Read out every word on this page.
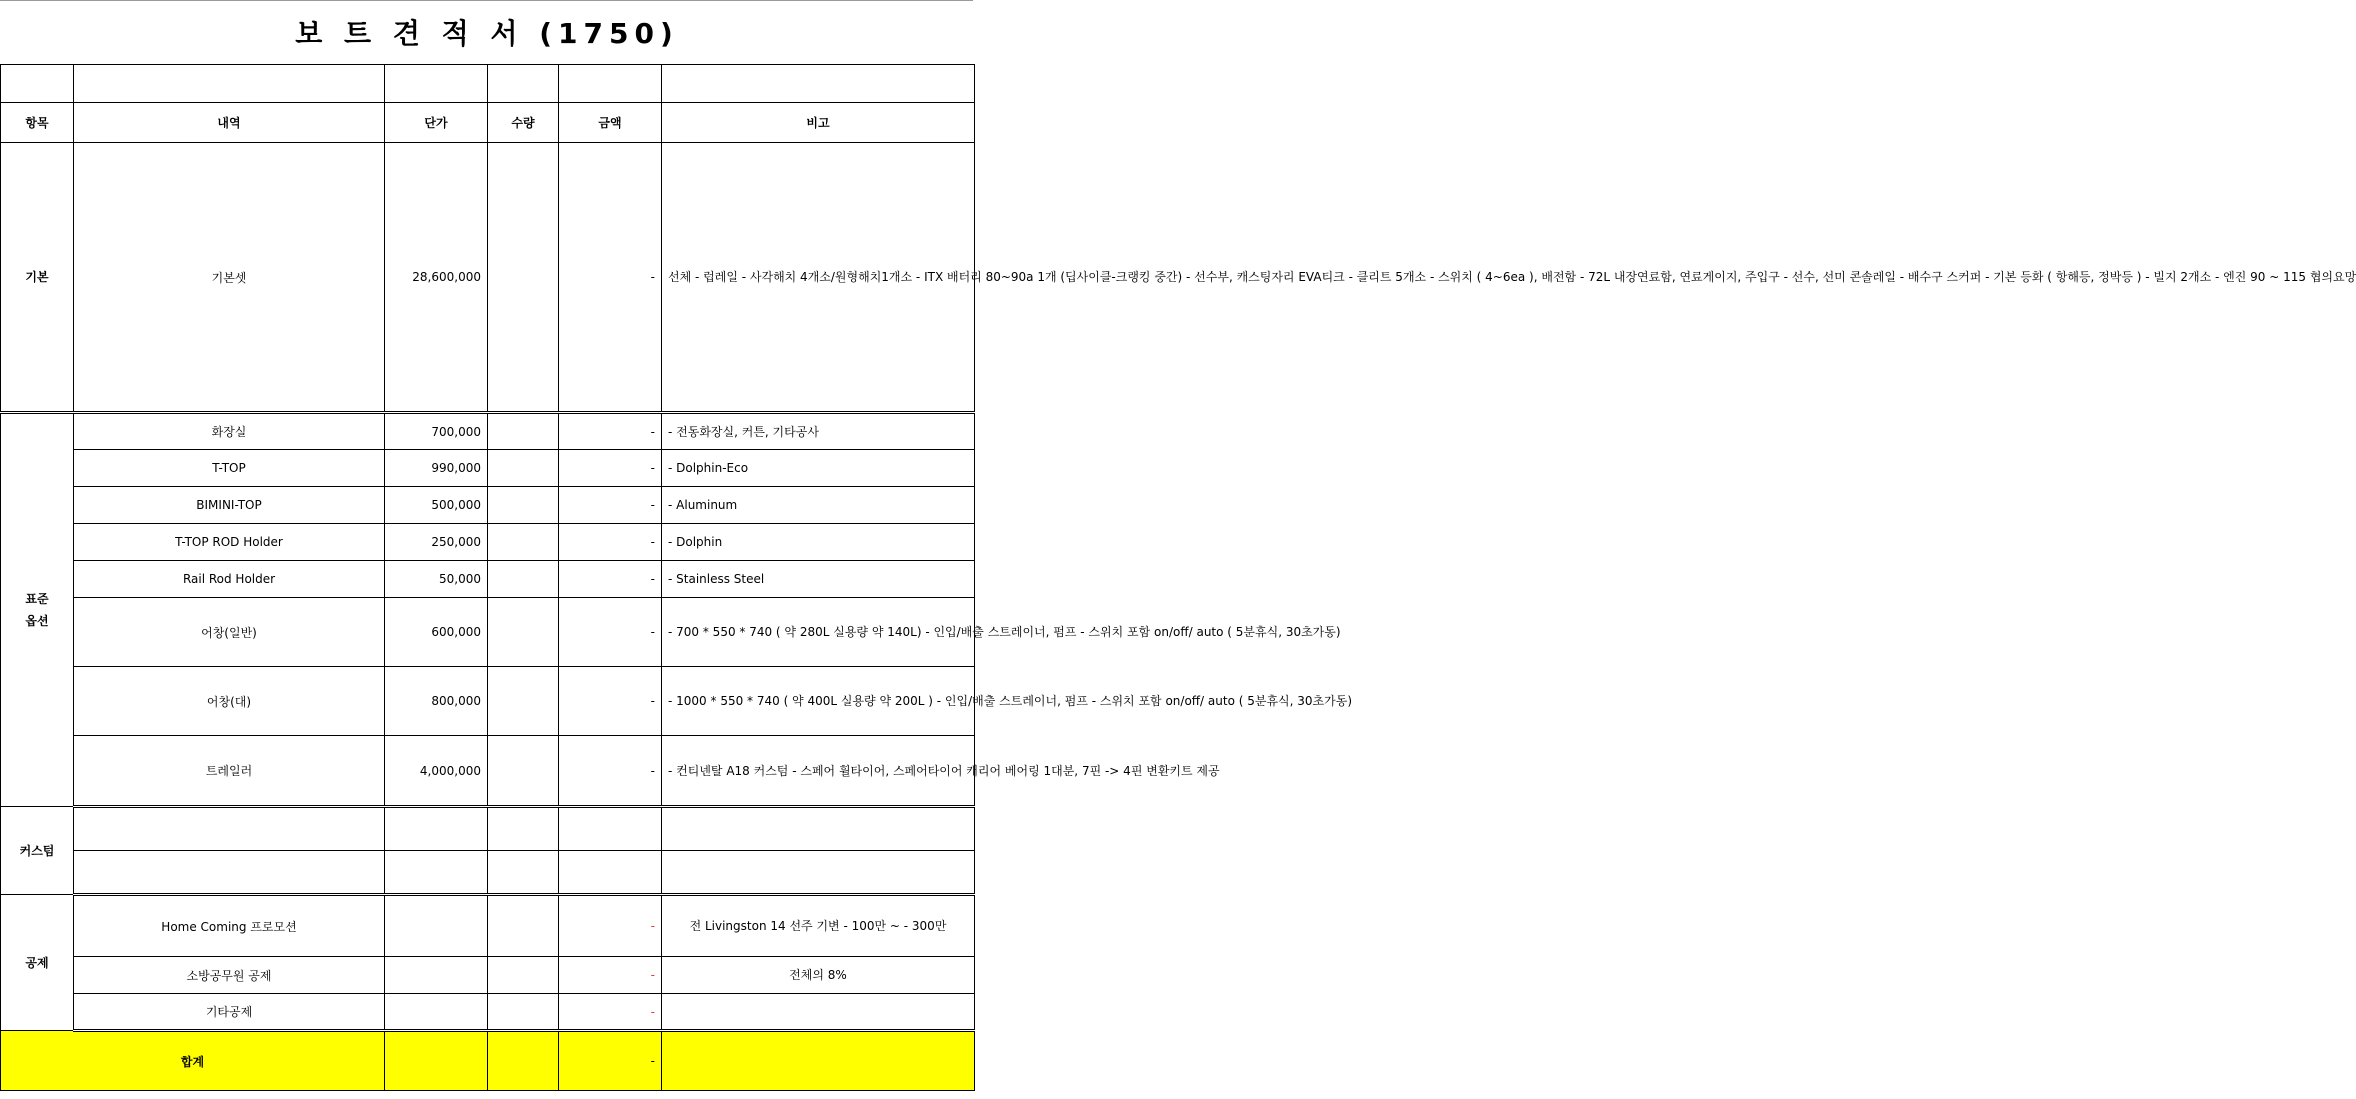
보 트 견 적 서 (1750)

항목	내역	단가	수량	금액	비고
기본	기본셋	28,600,000		-	선체 - 럽레일 - 사각해치 4개소/원형해치1개소 - ITX 배터리 80~90a 1개 (딥사이클-크랭킹 중간) - 선수부, 캐스팅자리 EVA티크 - 클리트 5개소 - 스위치 ( 4~6ea ), 배전함 - 72L 내장연료함, 연료게이지, 주입구 - 선수, 선미 콘솔레일 - 배수구 스커퍼 - 기본 등화 ( 항해등, 정박등 ) - 빌지 2개소 - 엔진 90 ~ 115 협의요망
표준
옵션	화장실	700,000		-	- 전동화장실, 커튼, 기타공사
	T-TOP	990,000		-	- Dolphin-Eco
	BIMINI-TOP	500,000		-	- Aluminum
	T-TOP ROD Holder	250,000		-	- Dolphin
	Rail Rod Holder	50,000		-	- Stainless Steel
	어창(일반)	600,000		-	- 700 * 550 * 740 ( 약 280L 실용량 약 140L) - 인입/배출 스트레이너, 펌프 - 스위치 포함 on/off/ auto ( 5분휴식, 30초가동)
	어창(대)	800,000		-	- 1000 * 550 * 740 ( 약 400L 실용량 약 200L ) - 인입/배출 스트레이너, 펌프 - 스위치 포함 on/off/ auto ( 5분휴식, 30초가동)
	트레일러	4,000,000		-	- 컨티넨탈 A18 커스텀 - 스페어 휠타이어, 스페어타이어 캐리어 베어링 1대분, 7핀 -> 4핀 변환키트 제공
커스텀					

공제	Home Coming 프로모션			-	전 Livingston 14 선주 기변 - 100만 ~ - 300만
	소방공무원 공제			-	전체의 8%
	기타공제			-	
합계				-	
